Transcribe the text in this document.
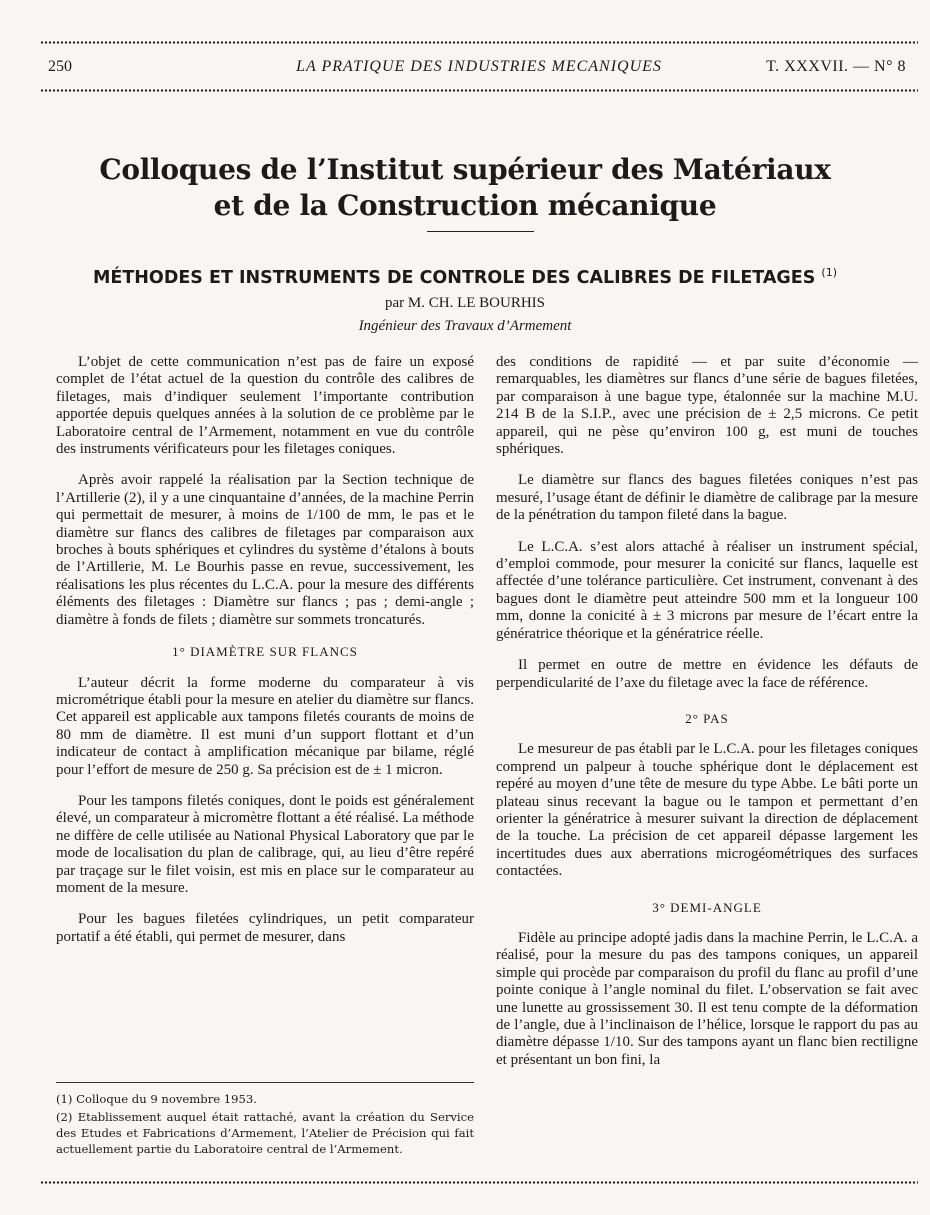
250	LA PRATIQUE DES INDUSTRIES MECANIQUES	T. XXXVII. — N° 8
Colloques de l’Institut supérieur des Matériaux
et de la Construction mécanique
MÉTHODES ET INSTRUMENTS DE CONTROLE DES CALIBRES DE FILETAGES $^{(1)}$
par M. CH. LE BOURHIS
Ingénieur des Travaux d’Armement

L’objet de cette communication n’est pas de faire un exposé complet de l’état actuel de la question du contrôle des calibres de filetages, mais d’indiquer seulement l’importante contribution apportée depuis quelques années à la solution de ce problème par le Laboratoire central de l’Armement, notamment en vue du contrôle des instruments vérificateurs pour les filetages coniques.

Après avoir rappelé la réalisation par la Section technique de l’Artillerie (2), il y a une cinquantaine d’années, de la machine Perrin qui permettait de mesurer, à moins de 1/100 de mm, le pas et le diamètre sur flancs des calibres de filetages par comparaison aux broches à bouts sphériques et cylindres du système d’étalons à bouts de l’Artillerie, M. Le Bourhis passe en revue, successivement, les réalisations les plus récentes du L.C.A. pour la mesure des différents éléments des filetages : Diamètre sur flancs ; pas ; demi-angle ; diamètre à fonds de filets ; diamètre sur sommets troncaturés.

1° DIAMÈTRE SUR FLANCS

L’auteur décrit la forme moderne du comparateur à vis micrométrique établi pour la mesure en atelier du diamètre sur flancs. Cet appareil est applicable aux tampons filetés courants de moins de 80 mm de diamètre. Il est muni d’un support flottant et d’un indicateur de contact à amplification mécanique par bilame, réglé pour l’effort de mesure de 250 g. Sa précision est de ± 1 micron.

Pour les tampons filetés coniques, dont le poids est généralement élevé, un comparateur à micromètre flottant a été réalisé. La méthode ne diffère de celle utilisée au National Physical Laboratory que par le mode de localisation du plan de calibrage, qui, au lieu d’être repéré par traçage sur le filet voisin, est mis en place sur le comparateur au moment de la mesure.

Pour les bagues filetées cylindriques, un petit comparateur portatif a été établi, qui permet de mesurer, dans

(1) Colloque du 9 novembre 1953.

(2) Etablissement auquel était rattaché, avant la création du Service des Etudes et Fabrications d’Armement, l’Atelier de Précision qui fait actuellement partie du Laboratoire central de l’Armement.

des conditions de rapidité — et par suite d’économie — remarquables, les diamètres sur flancs d’une série de bagues filetées, par comparaison à une bague type, étalonnée sur la machine M.U. 214 B de la S.I.P., avec une précision de ± 2,5 microns. Ce petit appareil, qui ne pèse qu’environ 100 g, est muni de touches sphériques.

Le diamètre sur flancs des bagues filetées coniques n’est pas mesuré, l’usage étant de définir le diamètre de calibrage par la mesure de la pénétration du tampon fileté dans la bague.

Le L.C.A. s’est alors attaché à réaliser un instrument spécial, d’emploi commode, pour mesurer la conicité sur flancs, laquelle est affectée d’une tolérance particulière. Cet instrument, convenant à des bagues dont le diamètre peut atteindre 500 mm et la longueur 100 mm, donne la conicité à ± 3 microns par mesure de l’écart entre la génératrice théorique et la génératrice réelle.

Il permet en outre de mettre en évidence les défauts de perpendicularité de l’axe du filetage avec la face de référence.

2° PAS

Le mesureur de pas établi par le L.C.A. pour les filetages coniques comprend un palpeur à touche sphérique dont le déplacement est repéré au moyen d’une tête de mesure du type Abbe. Le bâti porte un plateau sinus recevant la bague ou le tampon et permettant d’en orienter la génératrice à mesurer suivant la direction de déplacement de la touche. La précision de cet appareil dépasse largement les incertitudes dues aux aberrations microgéométriques des surfaces contactées.

3° DEMI-ANGLE

Fidèle au principe adopté jadis dans la machine Perrin, le L.C.A. a réalisé, pour la mesure du pas des tampons coniques, un appareil simple qui procède par comparaison du profil du flanc au profil d’une pointe conique à l’angle nominal du filet. L’observation se fait avec une lunette au grossissement 30. Il est tenu compte de la déformation de l’angle, due à l’inclinaison de l’hélice, lorsque le rapport du pas au diamètre dépasse 1/10. Sur des tampons ayant un flanc bien rectiligne et présentant un bon fini, la
